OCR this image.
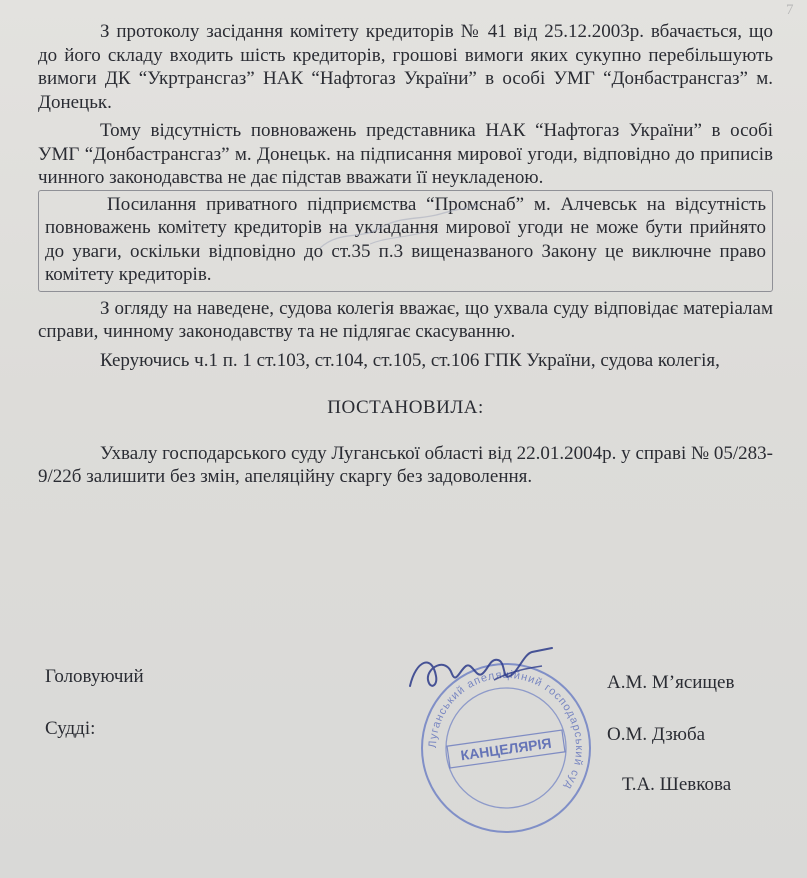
7

З протоколу засідання комітету кредиторів № 41 від 25.12.2003р. вбачається, що до його складу входить шість кредиторів, грошові вимоги яких сукупно перебільшують вимоги ДК “Укртрансгаз” НАК “Нафтогаз України” в особі УМГ “Донбастрансгаз” м. Донецьк.

Тому відсутність повноважень представника НАК “Нафтогаз України” в особі УМГ “Донбастрансгаз” м. Донецьк. на підписання мирової угоди, відповідно до приписів чинного законодавства не дає підстав вважати її неукладеною.

Посилання приватного підприємства “Промснаб” м. Алчевськ на відсутність повноважень комітету кредиторів на укладання мирової угоди не може бути прийнято до уваги, оскільки відповідно до ст.35 п.3 вищеназваного Закону це виключне право комітету кредиторів.

З огляду на наведене, судова колегія вважає, що ухвала суду відповідає матеріалам справи, чинному законодавству та не підлягає скасуванню.

Керуючись ч.1 п. 1 ст.103, ст.104, ст.105, ст.106 ГПК України, судова колегія,

ПОСТАНОВИЛА:

Ухвалу господарського суду Луганської області від 22.01.2004р. у справі № 05/283-9/22б залишити без змін, апеляційну скаргу без задоволення.

Головуючий
Судді:
А.М. М’ясищев
О.М. Дзюба
Т.А. Шевкова
Луганський апеляційний господарський суд
КАНЦЕЛЯРІЯ
